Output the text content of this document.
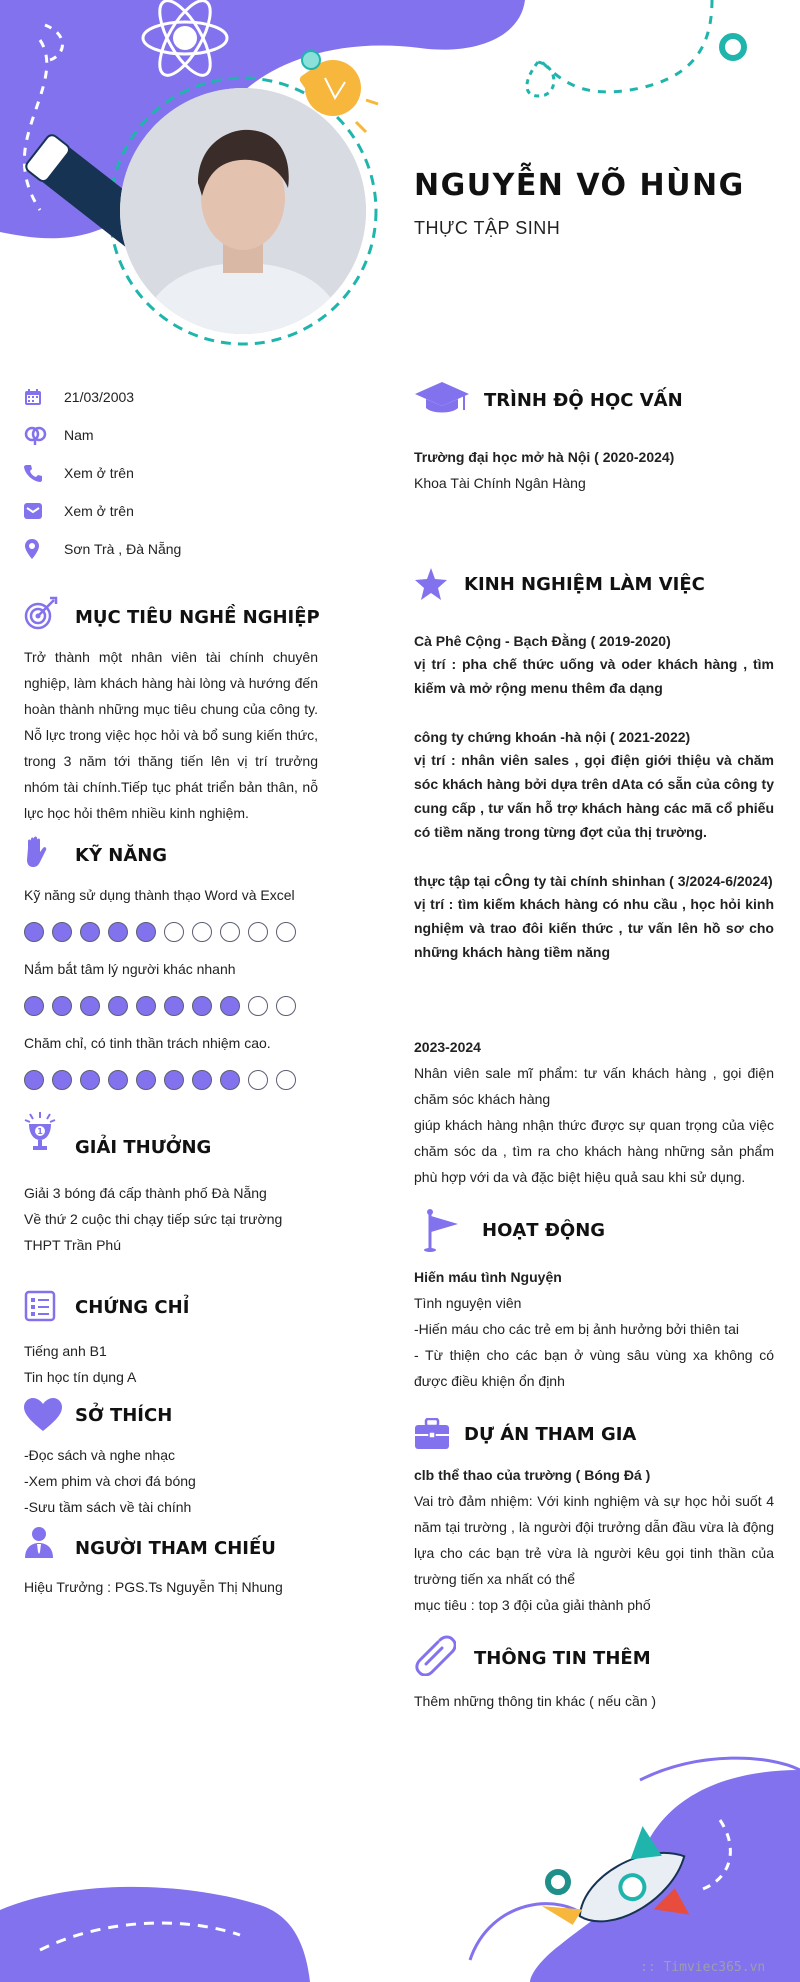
NGUYỄN VÕ HÙNG
THỰC TẬP SINH
21/03/2003
Nam
Xem ở trên
Xem ở trên
Sơn Trà , Đà Nẵng
MỤC TIÊU NGHỀ NGHIỆP
Trở thành một nhân viên tài chính chuyên nghiệp, làm khách hàng hài lòng và hướng đến hoàn thành những mục tiêu chung của công ty. Nỗ lực trong việc học hỏi và bổ sung kiến thức, trong 3 năm tới thăng tiến lên vị trí trưởng nhóm tài chính.Tiếp tục phát triển bản thân, nỗ lực học hỏi thêm nhiều kinh nghiệm.
KỸ NĂNG
Kỹ năng sử dụng thành thạo Word và Excel
Nắm bắt tâm lý người khác nhanh
Chăm chỉ, có tinh thần trách nhiệm cao.
1
GIẢI THƯỞNG
Giải 3 bóng đá cấp thành phố Đà Nẵng
Về thứ 2 cuộc thi chạy tiếp sức tại trường THPT Trần Phú
CHỨNG CHỈ
Tiếng anh B1
Tin học tín dụng A
SỞ THÍCH
-Đọc sách và nghe nhạc
-Xem phim và chơi đá bóng
-Sưu tầm sách về tài chính
NGƯỜI THAM CHIẾU
Hiệu Trưởng : PGS.Ts Nguyễn Thị Nhung
TRÌNH ĐỘ HỌC VẤN
Trường đại học mở hà Nội ( 2020-2024)
Khoa Tài Chính Ngân Hàng
KINH NGHIỆM LÀM VIỆC
Cà Phê Cộng - Bạch Đằng ( 2019-2020)
vị trí : pha chế thức uống và oder khách hàng , tìm kiếm và mở rộng menu thêm đa dạng
công ty chứng khoán -hà nội ( 2021-2022)
vị trí : nhân viên sales , gọi điện giới thiệu và chăm sóc khách hàng bởi dựa trên dAta có sẵn của công ty cung cấp , tư vấn hỗ trợ khách hàng các mã cổ phiếu có tiềm năng trong từng đợt của thị trường.
thực tập tại cÔng ty tài chính shinhan ( 3/2024-6/2024)
vị trí : tìm kiếm khách hàng có nhu cầu , học hỏi kinh nghiệm và trao đôi kiến thức , tư vấn lên hồ sơ cho những khách hàng tiềm năng
2023-2024
Nhân viên sale mĩ phẩm: tư vấn khách hàng , gọi điện chăm sóc khách hàng
giúp khách hàng nhận thức được sự quan trọng của việc chăm sóc da , tìm ra cho khách hàng những sản phẩm phù hợp với da và đặc biệt hiệu quả sau khi sử dụng.
HOẠT ĐỘNG
Hiến máu tình Nguyện
Tình nguyện viên
-Hiến máu cho các trẻ em bị ảnh hưởng bởi thiên tai
- Từ thiện cho các bạn ở vùng sâu vùng xa không có được điều khiện ổn định
DỰ ÁN THAM GIA
clb thể thao của trường ( Bóng Đá )
Vai trò đảm nhiệm: Với kinh nghiệm và sự học hỏi suốt 4 năm tại trường , là người đội trưởng dẫn đầu vừa là động lựa cho các bạn trẻ vừa là người kêu gọi tinh thần của trường tiến xa nhất có thể
mục tiêu : top 3 đội của giải thành phố
THÔNG TIN THÊM
Thêm những thông tin khác ( nếu cần )
:: Timviec365.vn
